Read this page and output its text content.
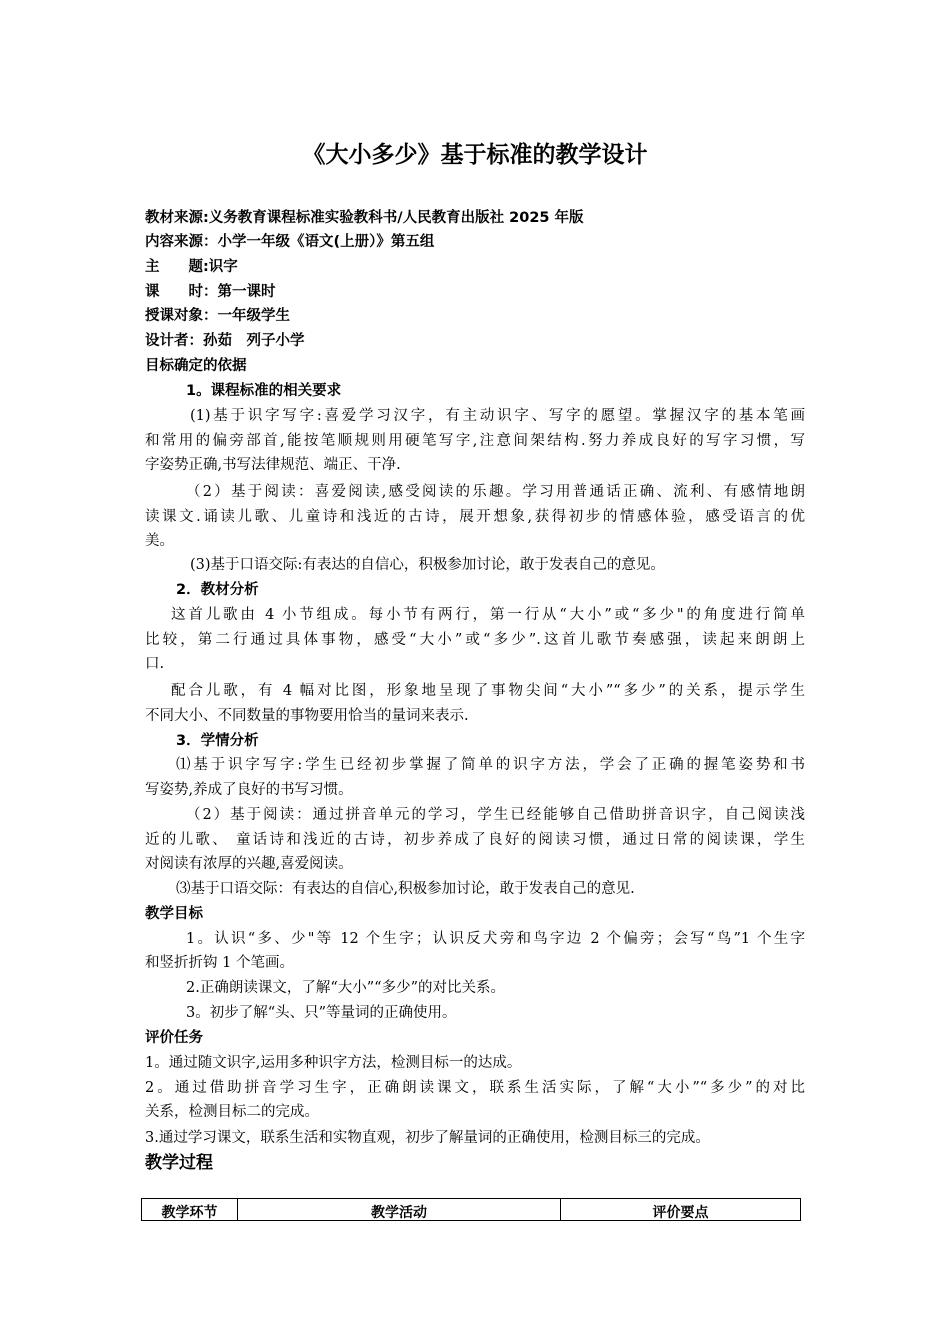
《大小多少》基于标准的教学设计
教材来源:义务教育课程标准实验教科书/人民教育出版社 2025 年版
内容来源：小学一年级《语文(上册）》第五组
主　　题:识字
课　　时：第一课时
授课对象：一年级学生
设计者：孙茹　列子小学
目标确定的依据
1。课程标准的相关要求
(1)基于识字写字:喜爱学习汉字，有主动识字、写字的愿望。掌握汉字的基本笔画
和常用的偏旁部首,能按笔顺规则用硬笔写字,注意间架结构.努力养成良好的写字习惯，写
字姿势正确,书写法律规范、端正、干净.
（2）基于阅读：喜爱阅读,感受阅读的乐趣。学习用普通话正确、流利、有感情地朗
读课文.诵读儿歌、儿童诗和浅近的古诗，展开想象,获得初步的情感体验，感受语言的优
美。
(3)基于口语交际:有表达的自信心，积极参加讨论，敢于发表自己的意见。
2．教材分析
这首儿歌由 4 小节组成。每小节有两行，第一行从“大小”或“多少"的角度进行简单
比较，第二行通过具体事物，感受“大小”或“多少”.这首儿歌节奏感强，读起来朗朗上
口.
配合儿歌，有 4 幅对比图，形象地呈现了事物尖间“大小”“多少”的关系，提示学生
不同大小、不同数量的事物要用恰当的量词来表示.
3．学情分析
⑴基于识字写字:学生已经初步掌握了简单的识字方法，学会了正确的握笔姿势和书
写姿势,养成了良好的书写习惯。
（2）基于阅读：通过拼音单元的学习，学生已经能够自己借助拼音识字，自己阅读浅
近的儿歌、 童话诗和浅近的古诗，初步养成了良好的阅读习惯，通过日常的阅读课，学生
对阅读有浓厚的兴趣,喜爱阅读。
⑶基于口语交际：有表达的自信心,积极参加讨论，敢于发表自己的意见.
教学目标
1。认识“多、少"等 12 个生字；认识反犬旁和鸟字边 2 个偏旁；会写“鸟”1 个生字
和竖折折钩 1 个笔画。
2.正确朗读课文，了解“大小”“多少”的对比关系。
3。初步了解“头、只”等量词的正确使用。
评价任务
1。通过随文识字,运用多种识字方法，检测目标一的达成。
2。通过借助拼音学习生字，正确朗读课文，联系生活实际，了解“大小”“多少”的对比
关系，检测目标二的完成。
3.通过学习课文，联系生活和实物直观，初步了解量词的正确使用，检测目标三的完成。
教学过程
教学环节	教学活动	评价要点
